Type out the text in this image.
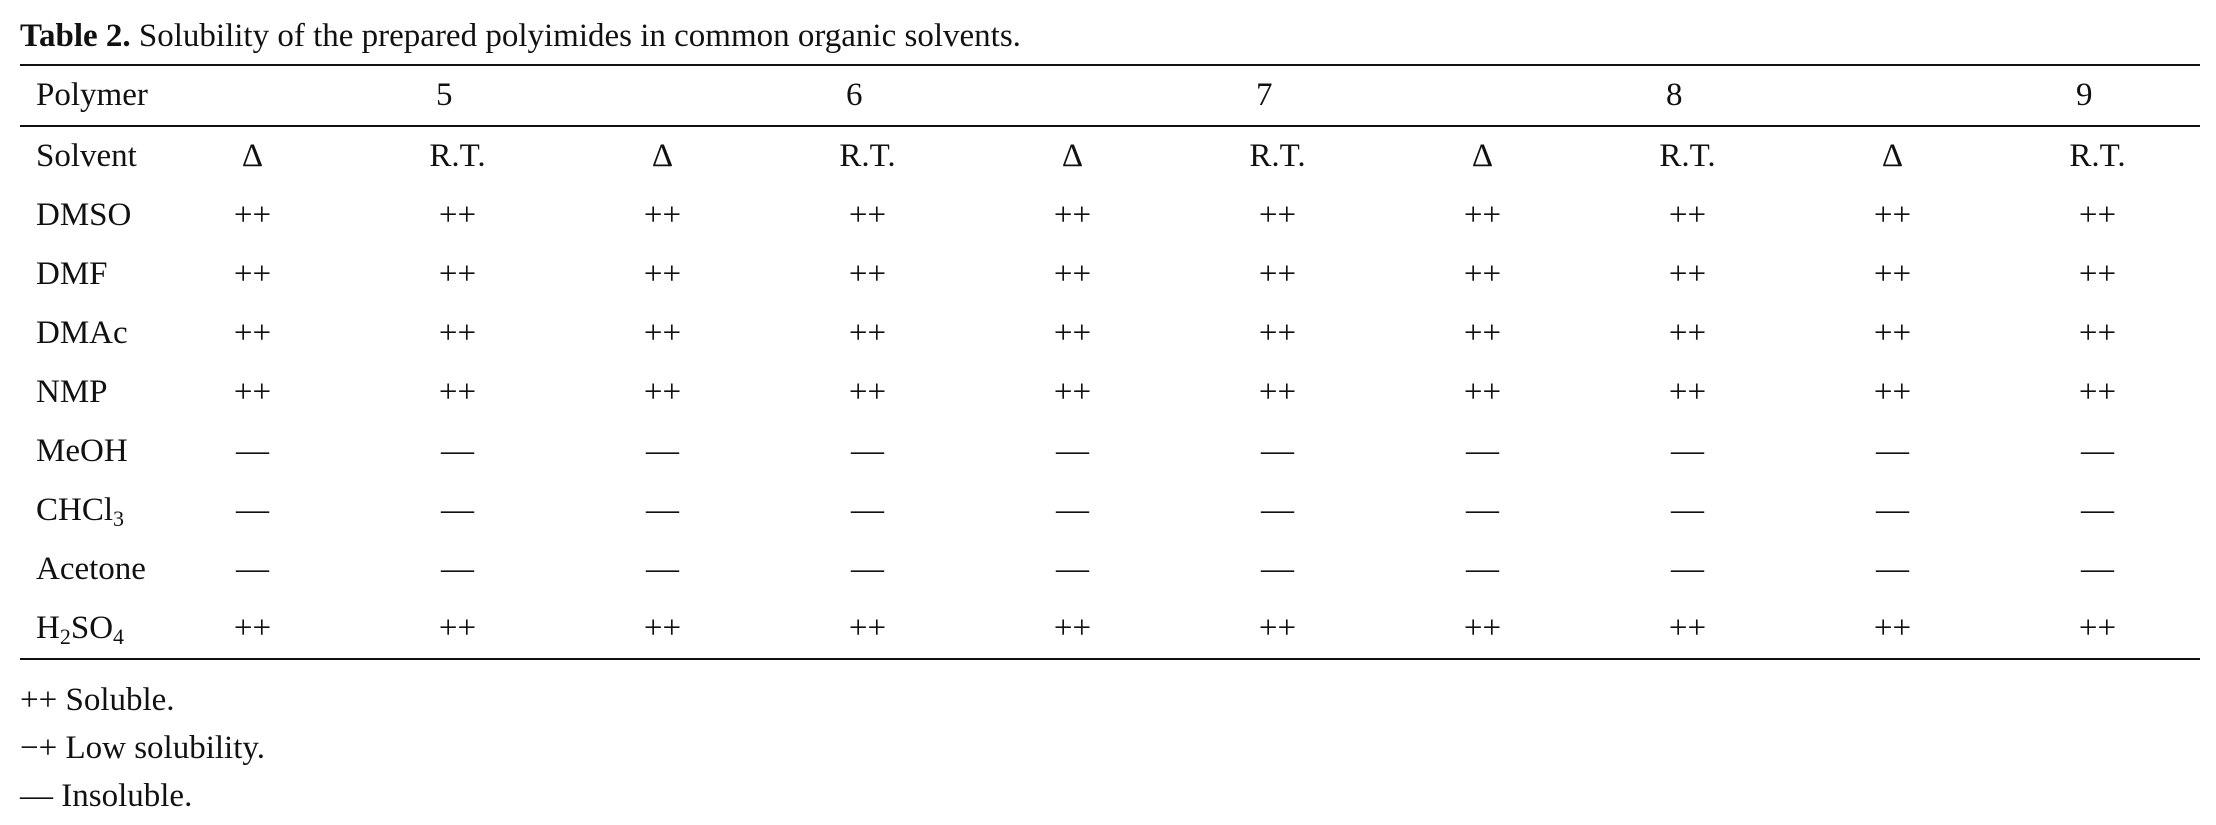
Table 2. Solubility of the prepared polyimides in common organic solvents.
Polymer	5		6		7		8		9	
Solvent	Δ	R.T.	Δ	R.T.	Δ	R.T.	Δ	R.T.	Δ	R.T.
DMSO	++	++	++	++	++	++	++	++	++	++
DMF	++	++	++	++	++	++	++	++	++	++
DMAc	++	++	++	++	++	++	++	++	++	++
NMP	++	++	++	++	++	++	++	++	++	++
MeOH	—	—	—	—	—	—	—	—	—	—
CHCl$_3$	—	—	—	—	—	—	—	—	—	—
Acetone	—	—	—	—	—	—	—	—	—	—
$H_2SO_4$	++	++	++	++	++	++	++	++	++	++
++ Soluble.
−+ Low solubility.
— Insoluble.
